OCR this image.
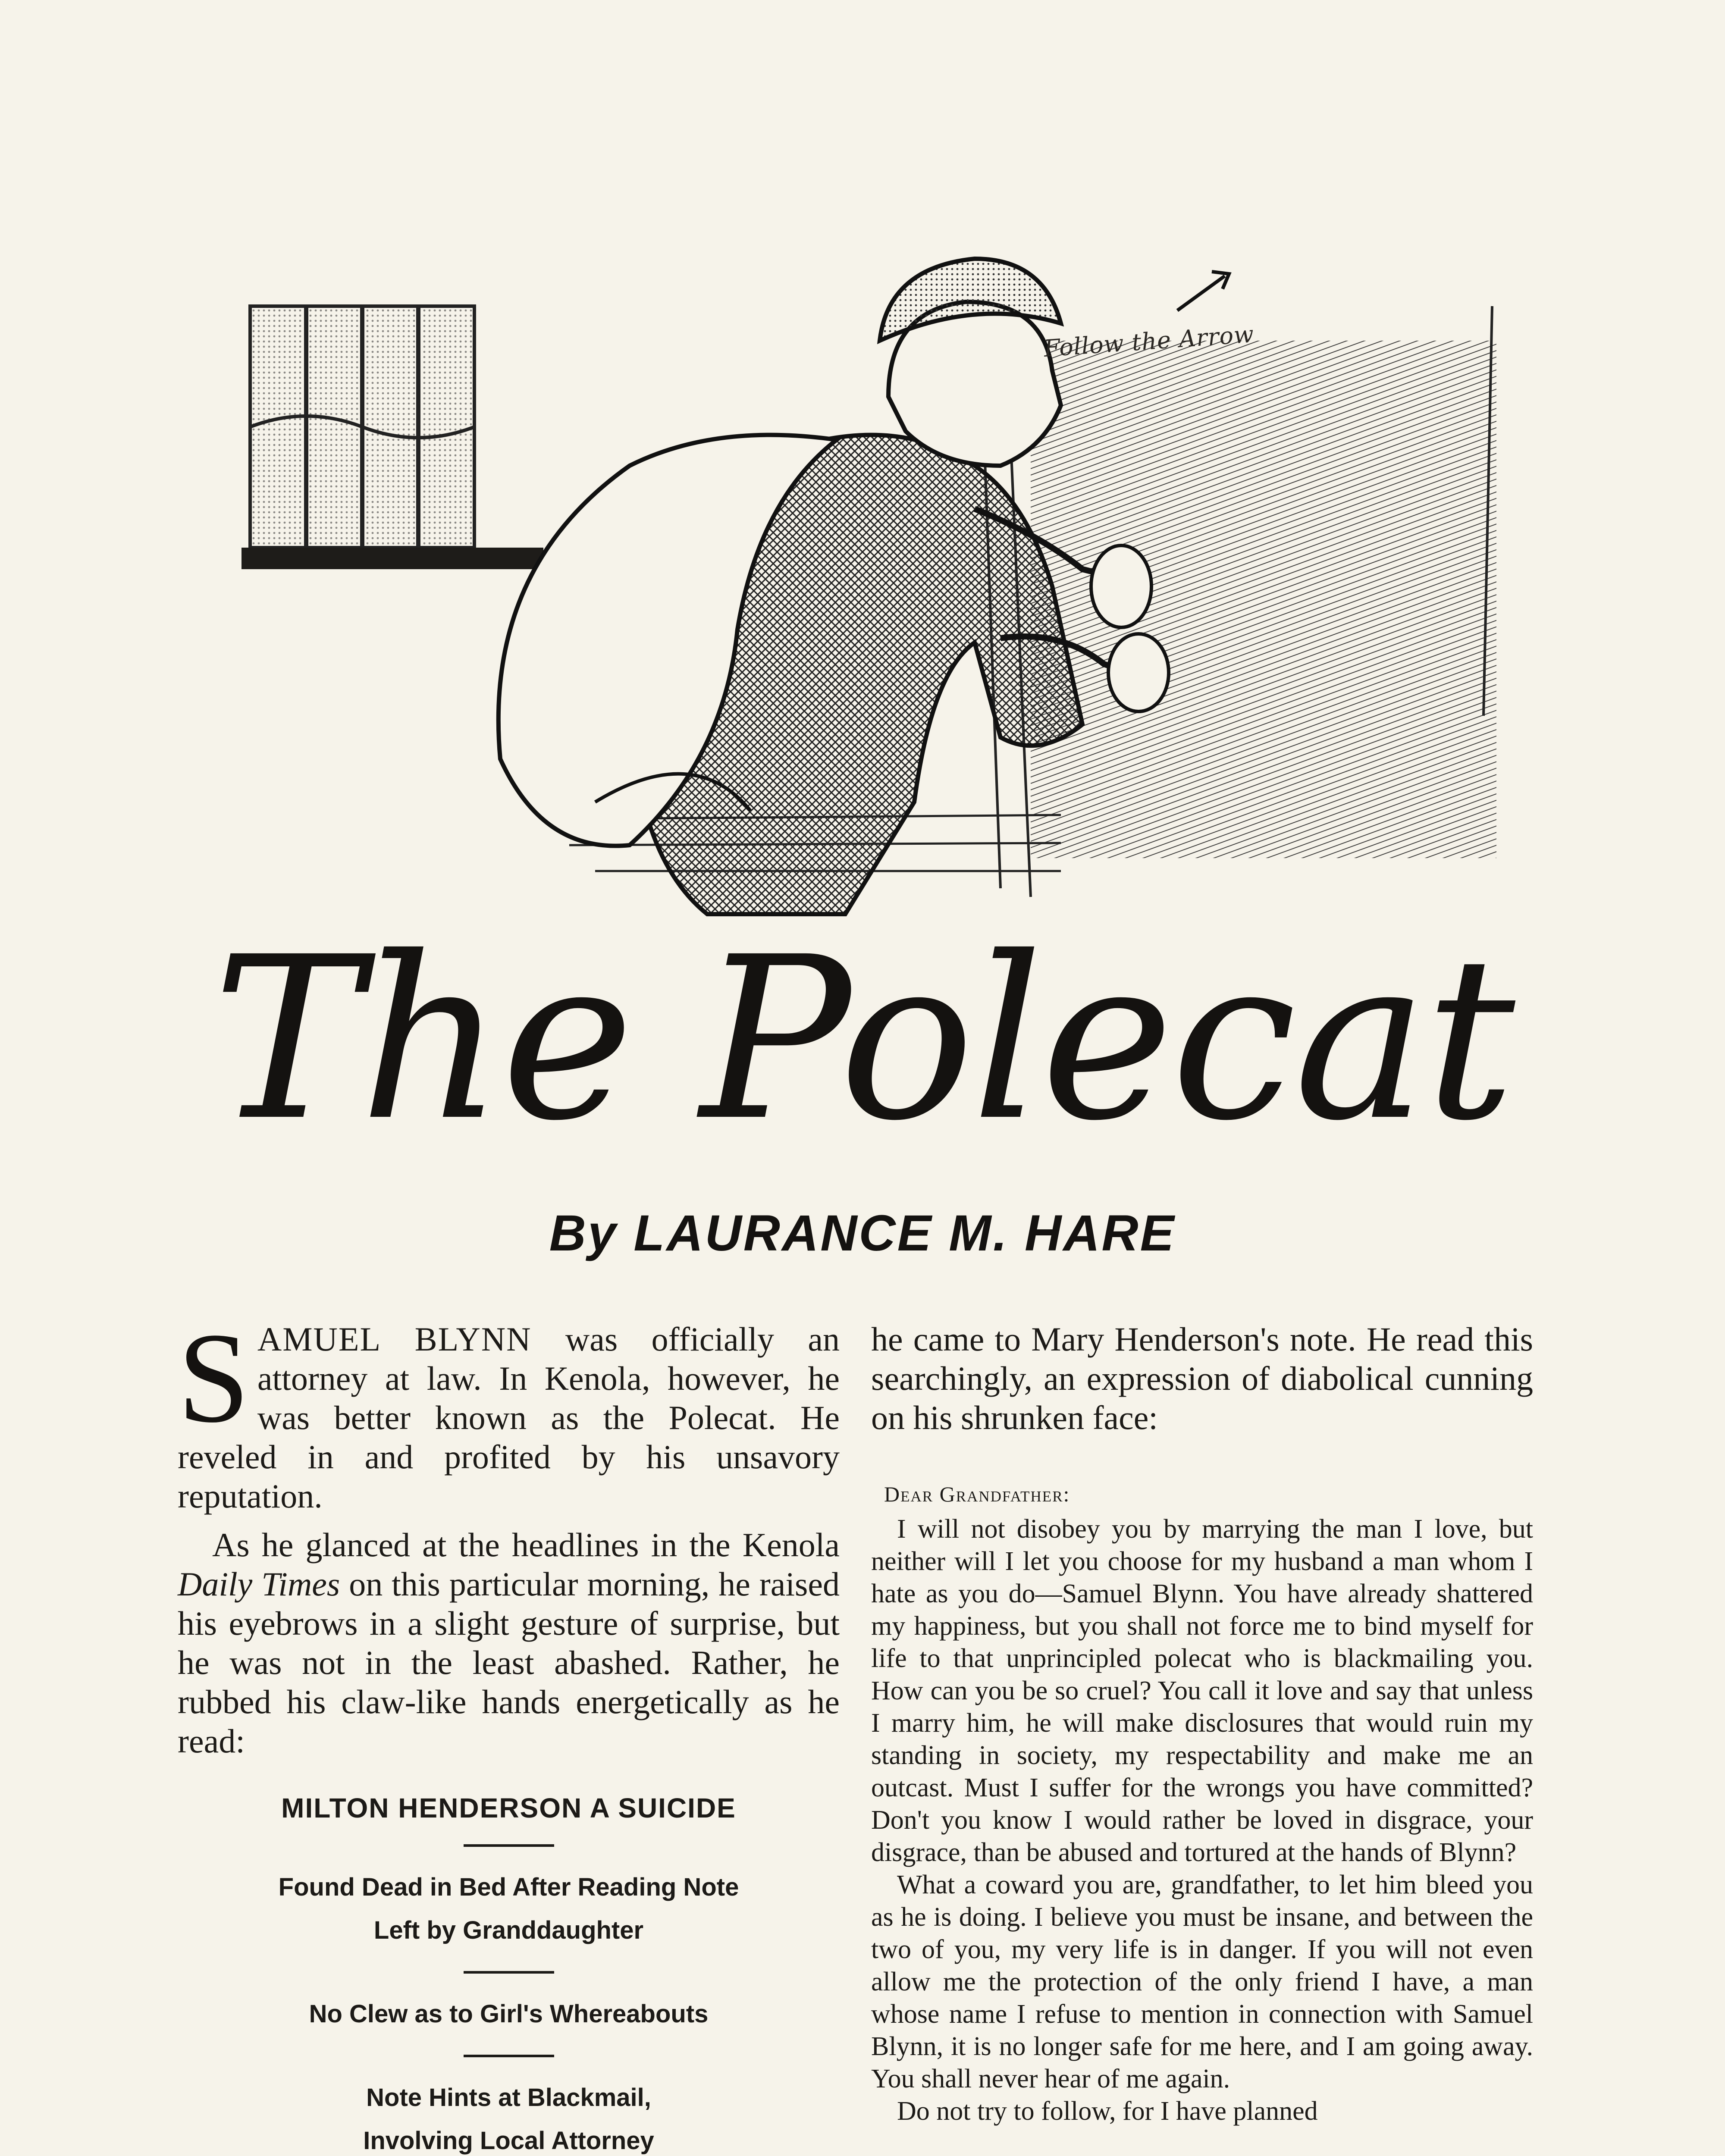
Follow the Arrow
The Polecat
By LAURANCE M. HARE

SAMUEL BLYNN was officially an attorney at law. In Kenola, however, he was better known as the Polecat. He reveled in and profited by his unsavory reputation.

As he glanced at the headlines in the Kenola Daily Times on this particular morning, he raised his eyebrows in a slight gesture of surprise, but he was not in the least abashed. Rather, he rubbed his claw-like hands energetically as he read:

MILTON HENDERSON A SUICIDE

Found Dead in Bed After Reading Note

Left by Granddaughter

No Clew as to Girl's Whereabouts

Note Hints at Blackmail,

Involving Local Attorney

he came to Mary Henderson's note. He read this searchingly, an expression of diabolical cunning on his shrunken face:

Dear Grandfather:

I will not disobey you by marrying the man I love, but neither will I let you choose for my husband a man whom I hate as you do—Samuel Blynn. You have already shattered my happiness, but you shall not force me to bind myself for life to that unprincipled polecat who is blackmailing you. How can you be so cruel? You call it love and say that unless I marry him, he will make disclosures that would ruin my standing in society, my respectability and make me an outcast. Must I suffer for the wrongs you have committed? Don't you know I would rather be loved in disgrace, your disgrace, than be abused and tortured at the hands of Blynn?

What a coward you are, grandfather, to let him bleed you as he is doing. I believe you must be insane, and between the two of you, my very life is in danger. If you will not even allow me the protection of the only friend I have, a man whose name I refuse to mention in connection with Samuel Blynn, it is no longer safe for me here, and I am going away. You shall never hear of me again.

Do not try to follow, for I have planned
